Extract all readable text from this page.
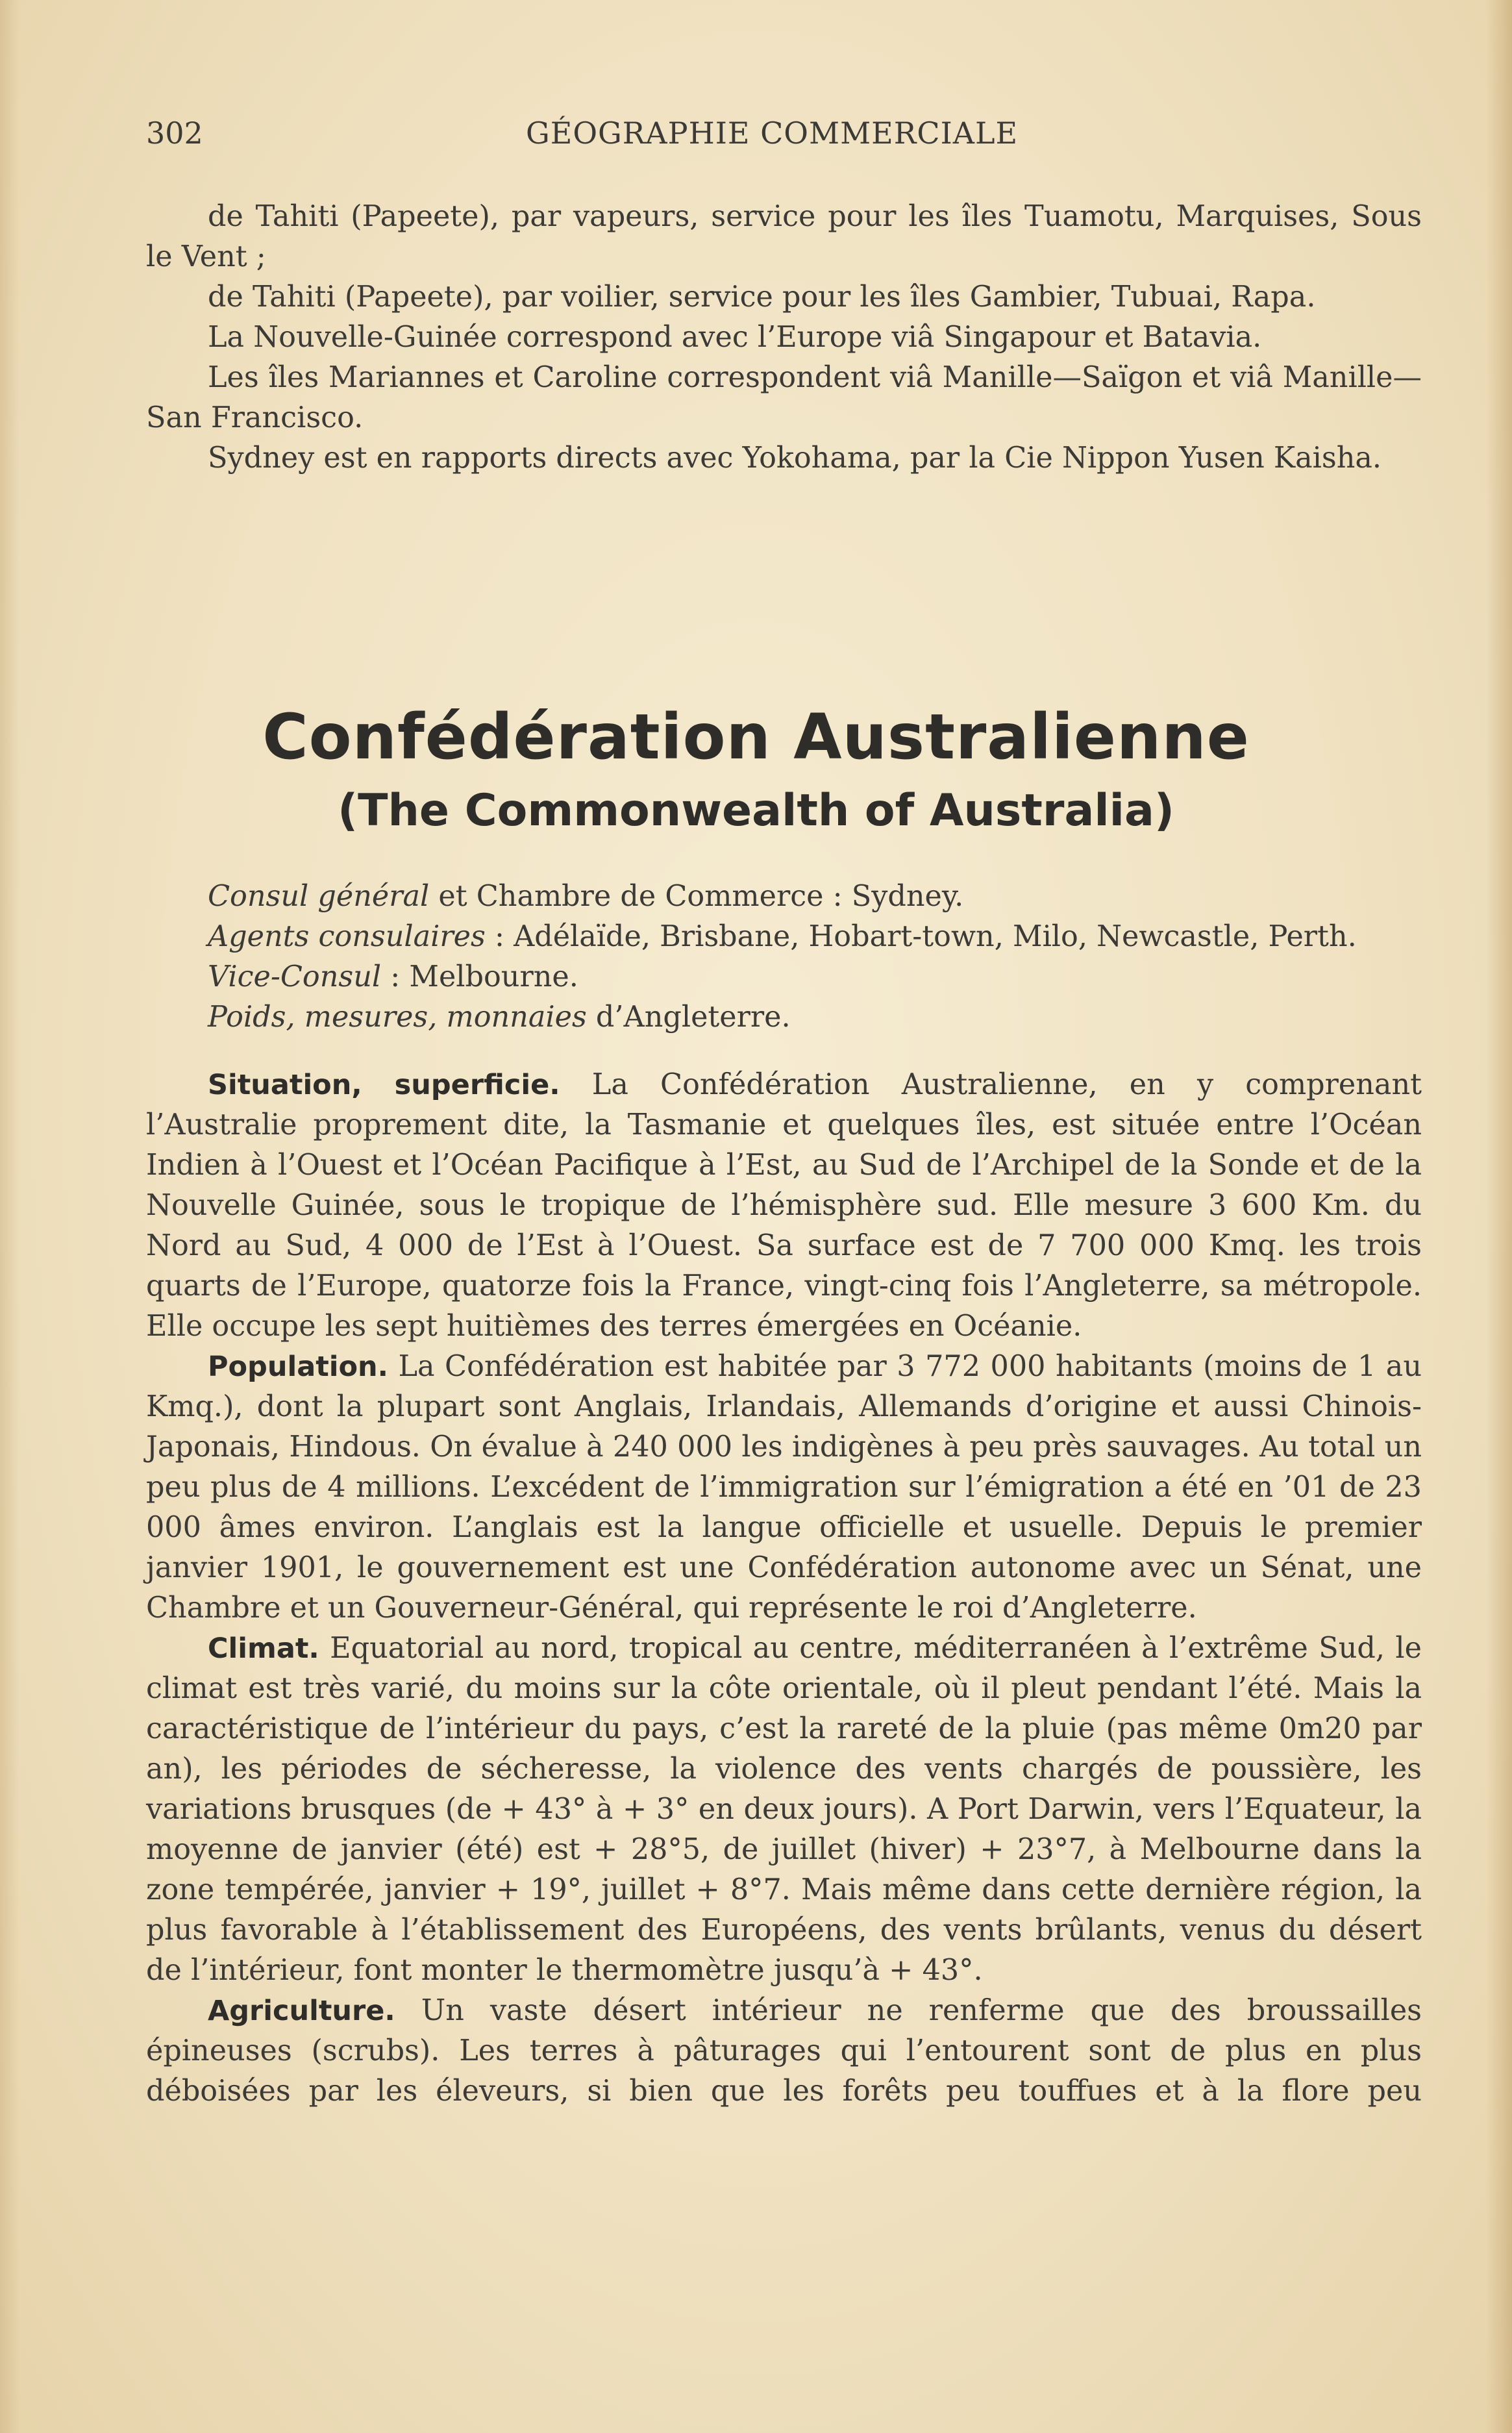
302	GÉOGRAPHIE COMMERCIALE

de Tahiti (Papeete), par vapeurs, service pour les îles Tuamotu, Marquises, Sous le Vent ;

de Tahiti (Papeete), par voilier, service pour les îles Gambier, Tubuai, Rapa.

La Nouvelle-Guinée correspond avec l’Europe viâ Singapour et Batavia.

Les îles Mariannes et Caroline correspondent viâ Manille—Saïgon et viâ Manille—San Francisco.

Sydney est en rapports directs avec Yokohama, par la Cie Nippon Yusen Kaisha.

Confédération Australienne
(The Commonwealth of Australia)

Consul général et Chambre de Commerce : Sydney.

Agents consulaires : Adélaïde, Brisbane, Hobart-town, Milo, Newcastle, Perth.

Vice-Consul : Melbourne.

Poids, mesures, monnaies d’Angleterre.

Situation, superficie. La Confédération Australienne, en y comprenant l’Australie proprement dite, la Tasmanie et quelques îles, est située entre l’Océan Indien à l’Ouest et l’Océan Pacifique à l’Est, au Sud de l’Archipel de la Sonde et de la Nouvelle Guinée, sous le tropique de l’hémisphère sud. Elle mesure 3 600 Km. du Nord au Sud, 4 000 de l’Est à l’Ouest. Sa surface est de 7 700 000 Kmq. les trois quarts de l’Europe, quatorze fois la France, vingt-cinq fois l’Angleterre, sa métropole. Elle occupe les sept huitièmes des terres émergées en Océanie.

Population. La Confédération est habitée par 3 772 000 habitants (moins de 1 au Kmq.), dont la plupart sont Anglais, Irlandais, Allemands d’origine et aussi Chinois-Japonais, Hindous. On évalue à 240 000 les indigènes à peu près sauvages. Au total un peu plus de 4 millions. L’excédent de l’immigration sur l’émigration a été en ’01 de 23 000 âmes environ. L’anglais est la langue officielle et usuelle. Depuis le premier janvier 1901, le gouvernement est une Confédération autonome avec un Sénat, une Chambre et un Gouverneur-Général, qui représente le roi d’Angleterre.

Climat. Equatorial au nord, tropical au centre, méditerranéen à l’extrême Sud, le climat est très varié, du moins sur la côte orientale, où il pleut pendant l’été. Mais la caractéristique de l’intérieur du pays, c’est la rareté de la pluie (pas même 0m20 par an), les périodes de sécheresse, la violence des vents chargés de poussière, les variations brusques (de + 43° à + 3° en deux jours). A Port Darwin, vers l’Equateur, la moyenne de janvier (été) est + 28°5, de juillet (hiver) + 23°7, à Melbourne dans la zone tempérée, janvier + 19°, juillet + 8°7. Mais même dans cette dernière région, la plus favorable à l’établissement des Européens, des vents brûlants, venus du désert de l’intérieur, font monter le thermomètre jusqu’à + 43°.

Agriculture. Un vaste désert intérieur ne renferme que des broussailles épineuses (scrubs). Les terres à pâturages qui l’entourent sont de plus en plus déboisées par les éleveurs, si bien que les forêts peu touffues et à la flore peu
